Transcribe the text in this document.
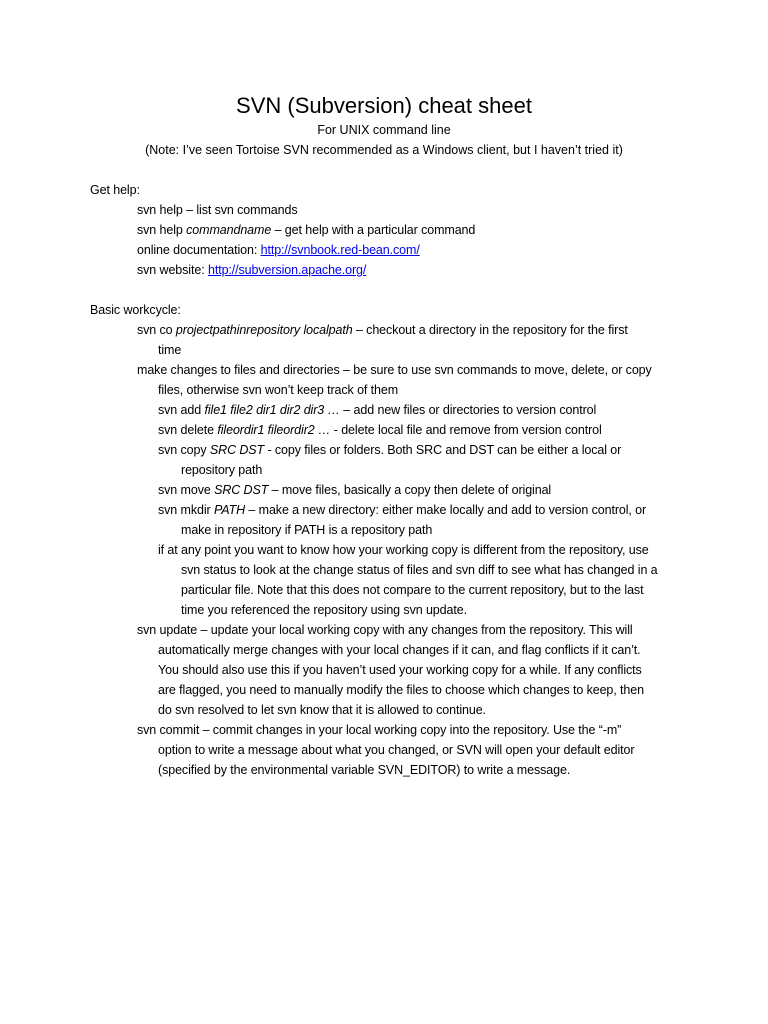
SVN (Subversion) cheat sheet
For UNIX command line
(Note: I’ve seen Tortoise SVN recommended as a Windows client, but I haven’t tried it)
Get help:
svn help – list svn commands
svn help commandname – get help with a particular command
online documentation: http://svnbook.red-bean.com/
svn website: http://subversion.apache.org/
Basic workcycle:
svn co projectpathinrepository localpath – checkout a directory in the repository for the first
time
make changes to files and directories – be sure to use svn commands to move, delete, or copy
files, otherwise svn won’t keep track of them
svn add file1 file2 dir1 dir2 dir3 … – add new files or directories to version control
svn delete fileordir1 fileordir2 … - delete local file and remove from version control
svn copy SRC DST - copy files or folders. Both SRC and DST can be either a local or
repository path
svn move SRC DST – move files, basically a copy then delete of original
svn mkdir PATH – make a new directory: either make locally and add to version control, or
make in repository if PATH is a repository path
if at any point you want to know how your working copy is different from the repository, use
svn status to look at the change status of files and svn diff to see what has changed in a
particular file. Note that this does not compare to the current repository, but to the last
time you referenced the repository using svn update.
svn update – update your local working copy with any changes from the repository. This will
automatically merge changes with your local changes if it can, and flag conflicts if it can’t.
You should also use this if you haven’t used your working copy for a while. If any conflicts
are flagged, you need to manually modify the files to choose which changes to keep, then
do svn resolved to let svn know that it is allowed to continue.
svn commit – commit changes in your local working copy into the repository. Use the “-m”
option to write a message about what you changed, or SVN will open your default editor
(specified by the environmental variable SVN_EDITOR) to write a message.
